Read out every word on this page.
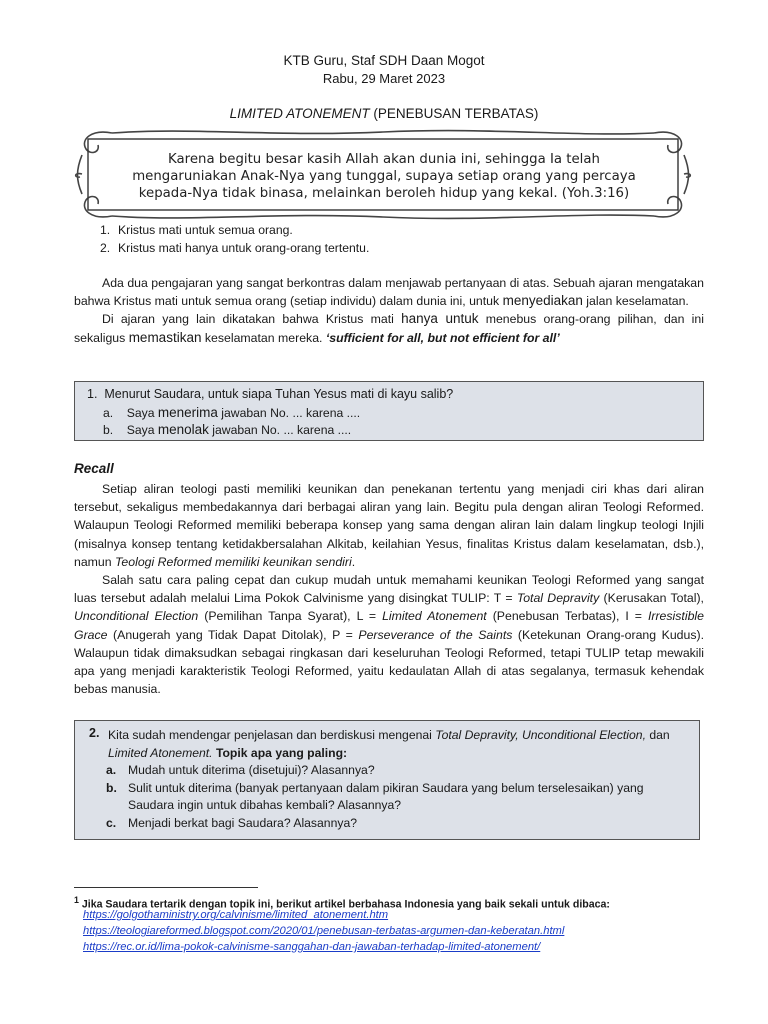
KTB Guru, Staf SDH Daan Mogot
Rabu, 29 Maret 2023
LIMITED ATONEMENT (PENEBUSAN TERBATAS)
Karena begitu besar kasih Allah akan dunia ini, sehingga Ia telah
mengaruniakan Anak-Nya yang tunggal, supaya setiap orang yang percaya
kepada-Nya tidak binasa, melainkan beroleh hidup yang kekal. (Yoh.3:16)
1. Kristus mati untuk semua orang.
2. Kristus mati hanya untuk orang-orang tertentu.

Ada dua pengajaran yang sangat berkontras dalam menjawab pertanyaan di atas. Sebuah ajaran mengatakan bahwa Kristus mati untuk semua orang (setiap individu) dalam dunia ini, untuk menyediakan jalan keselamatan.

Di ajaran yang lain dikatakan bahwa Kristus mati hanya untuk menebus orang-orang pilihan, dan ini sekaligus memastikan keselamatan mereka. ‘sufficient for all, but not efficient for all’

1. Menurut Saudara, untuk siapa Tuhan Yesus mati di kayu salib?
a. Saya menerima jawaban No. ... karena ....
b. Saya menolak jawaban No. ... karena ....
Recall

Setiap aliran teologi pasti memiliki keunikan dan penekanan tertentu yang menjadi ciri khas dari aliran tersebut, sekaligus membedakannya dari berbagai aliran yang lain. Begitu pula dengan aliran Teologi Reformed. Walaupun Teologi Reformed memiliki beberapa konsep yang sama dengan aliran lain dalam lingkup teologi Injili (misalnya konsep tentang ketidakbersalahan Alkitab, keilahian Yesus, finalitas Kristus dalam keselamatan, dsb.), namun Teologi Reformed memiliki keunikan sendiri.

Salah satu cara paling cepat dan cukup mudah untuk memahami keunikan Teologi Reformed yang sangat luas tersebut adalah melalui Lima Pokok Calvinisme yang disingkat TULIP: T = Total Depravity (Kerusakan Total), Unconditional Election (Pemilihan Tanpa Syarat), L = Limited Atonement (Penebusan Terbatas), I = Irresistible Grace (Anugerah yang Tidak Dapat Ditolak), P = Perseverance of the Saints (Ketekunan Orang-orang Kudus). Walaupun tidak dimaksudkan sebagai ringkasan dari keseluruhan Teologi Reformed, tetapi TULIP tetap mewakili apa yang menjadi karakteristik Teologi Reformed, yaitu kedaulatan Allah di atas segalanya, termasuk kehendak bebas manusia.

2. Kita sudah mendengar penjelasan dan berdiskusi mengenai Total Depravity, Unconditional Election, dan
Limited Atonement. Topik apa yang paling:
a. Mudah untuk diterima (disetujui)? Alasannya?
b. Sulit untuk diterima (banyak pertanyaan dalam pikiran Saudara yang belum terselesaikan) yang
Saudara ingin untuk dibahas kembali? Alasannya?
c. Menjadi berkat bagi Saudara? Alasannya?
$^1$ Jika Saudara tertarik dengan topik ini, berikut artikel berbahasa Indonesia yang baik sekali untuk dibaca:
https://golgothaministry.org/calvinisme/limited_atonement.htm
https://teologiareformed.blogspot.com/2020/01/penebusan-terbatas-argumen-dan-keberatan.html
https://rec.or.id/lima-pokok-calvinisme-sanggahan-dan-jawaban-terhadap-limited-atonement/
